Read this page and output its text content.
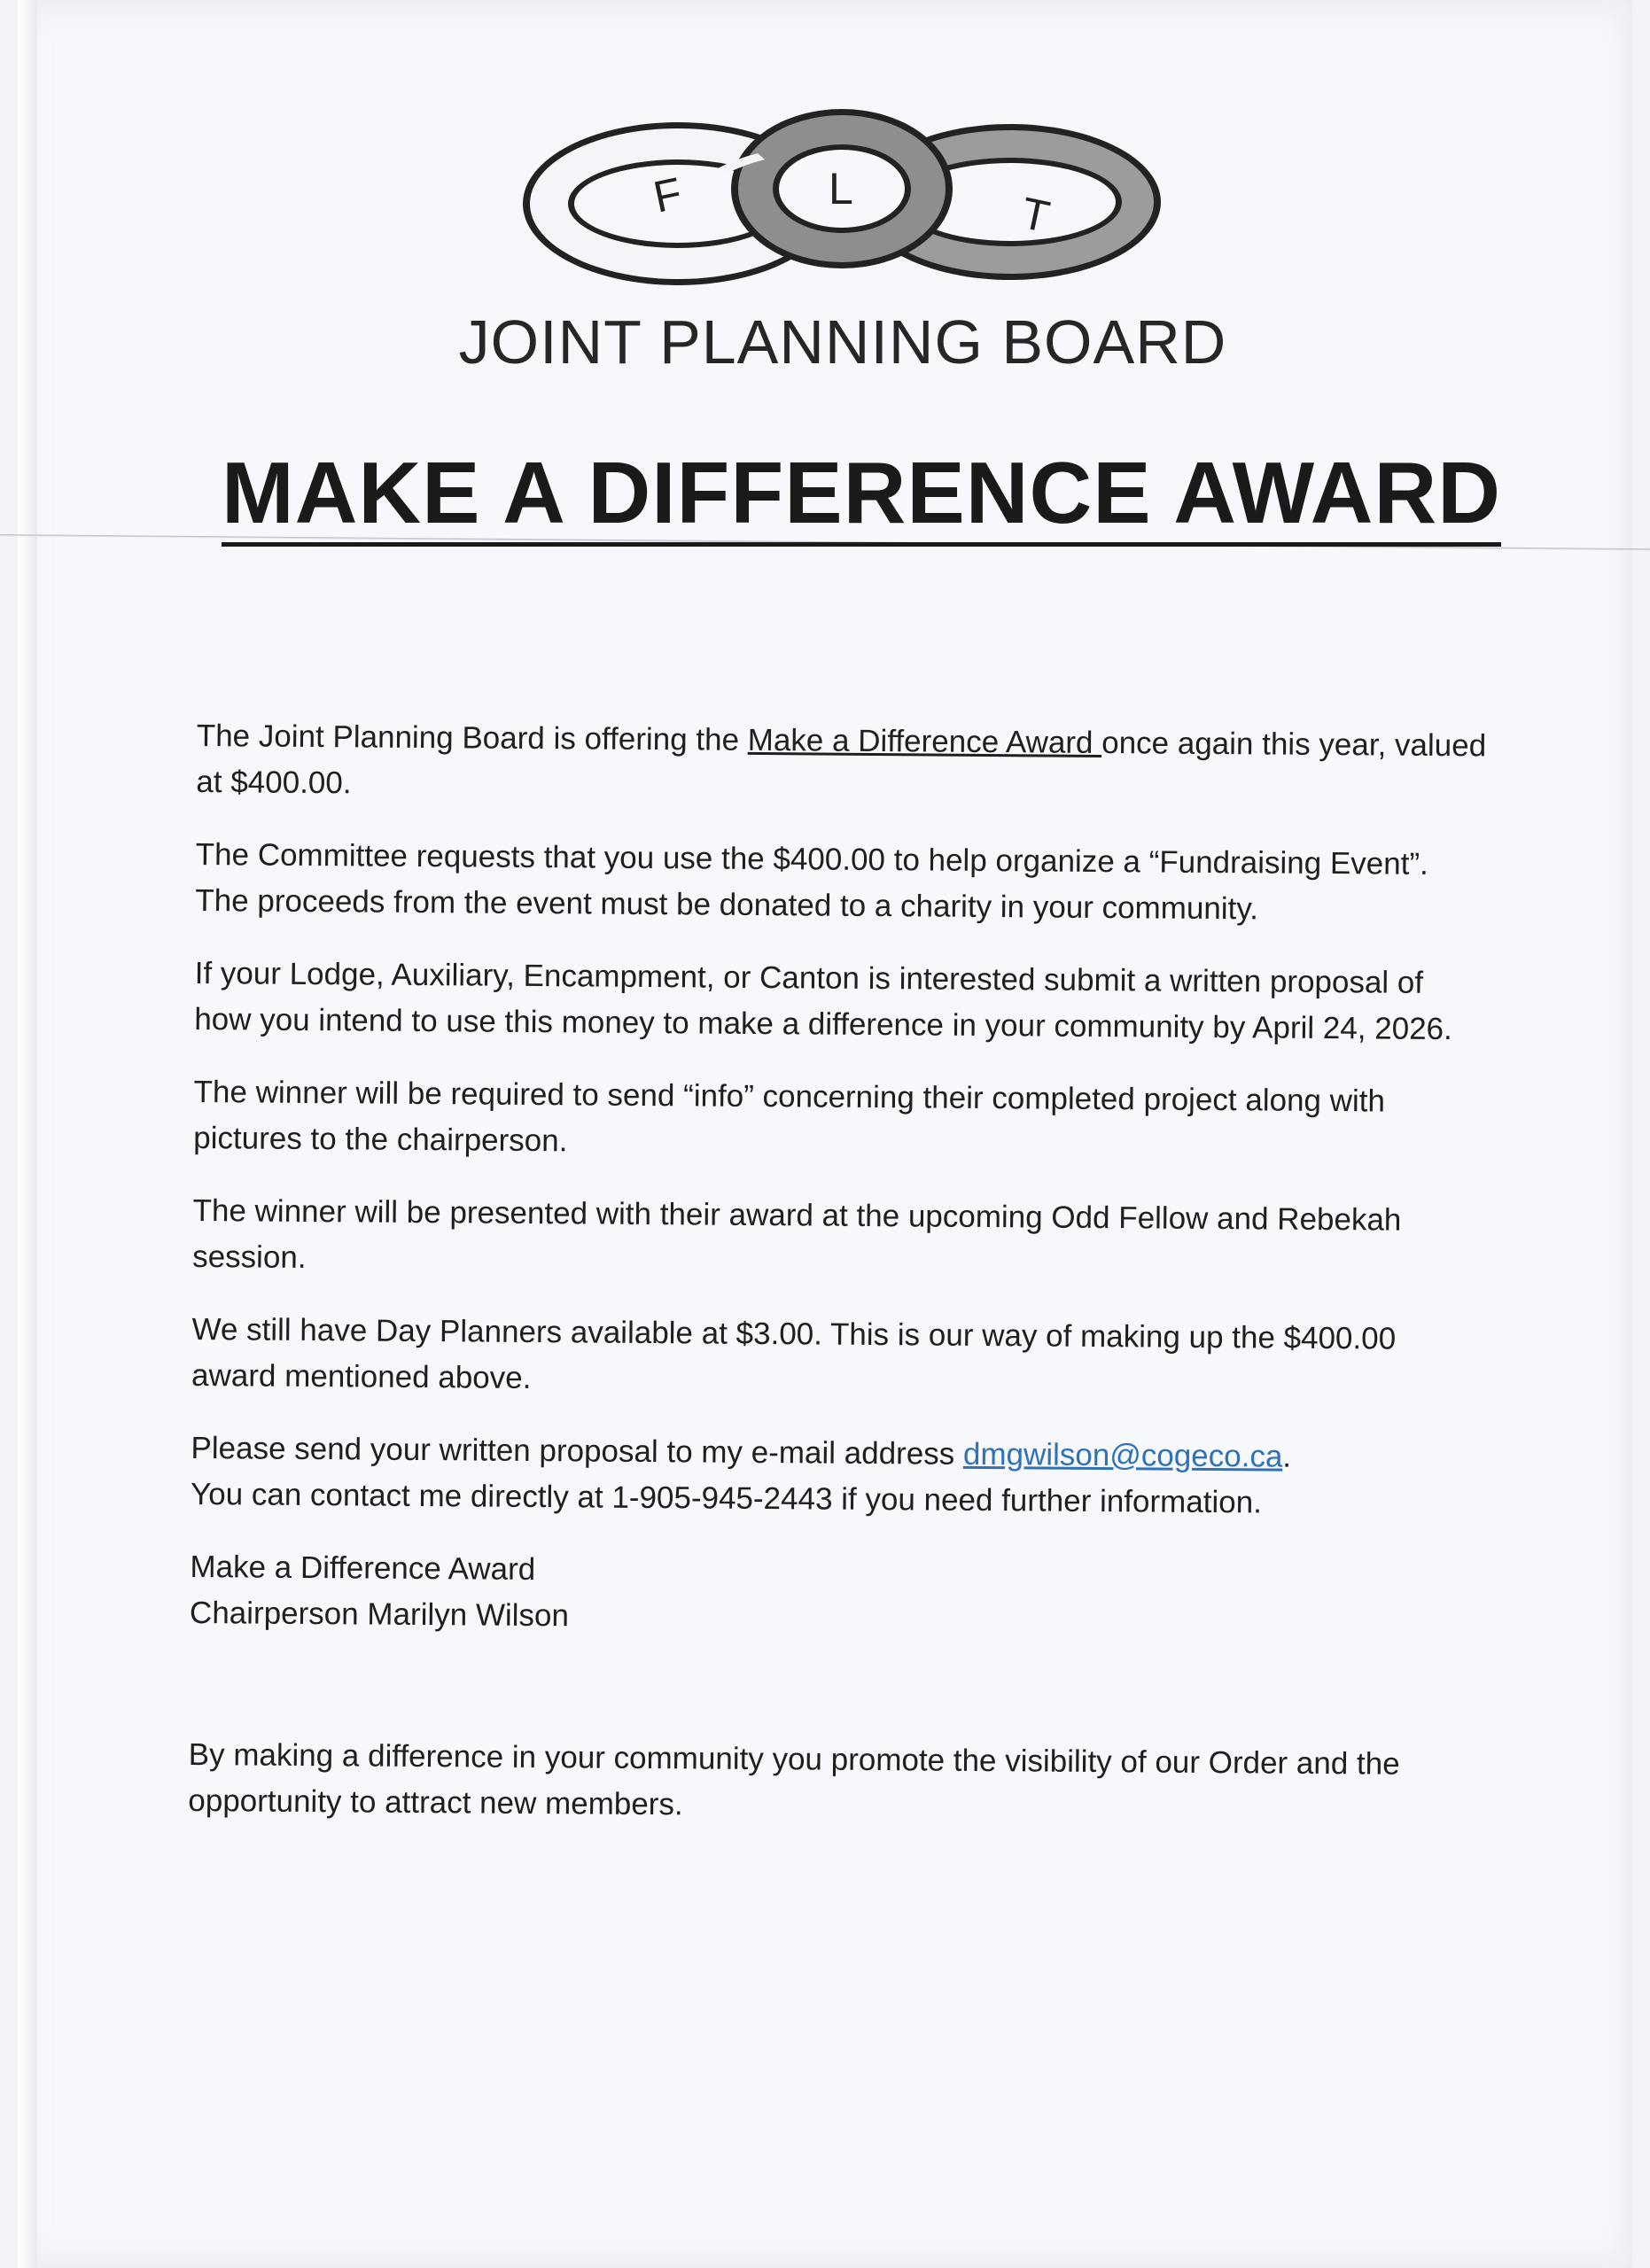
F	L	T
JOINT PLANNING BOARD
MAKE A DIFFERENCE AWARD

The Joint Planning Board is offering the Make a Difference Award once again this year, valued at $400.00.

The Committee requests that you use the $400.00 to help organize a “Fundraising Event”. The proceeds from the event must be donated to a charity in your community.

If your Lodge, Auxiliary, Encampment, or Canton is interested submit a written proposal of how you intend to use this money to make a difference in your community by April 24, 2026.

The winner will be required to send “info” concerning their completed project along with pictures to the chairperson.

The winner will be presented with their award at the upcoming Odd Fellow and Rebekah session.

We still have Day Planners available at $3.00. This is our way of making up the $400.00 award mentioned above.

Please send your written proposal to my e-mail address dmgwilson@cogeco.ca.

You can contact me directly at 1-905-945-2443 if you need further information.

Make a Difference Award
Chairperson Marilyn Wilson

By making a difference in your community you promote the visibility of our Order and the opportunity to attract new members.
